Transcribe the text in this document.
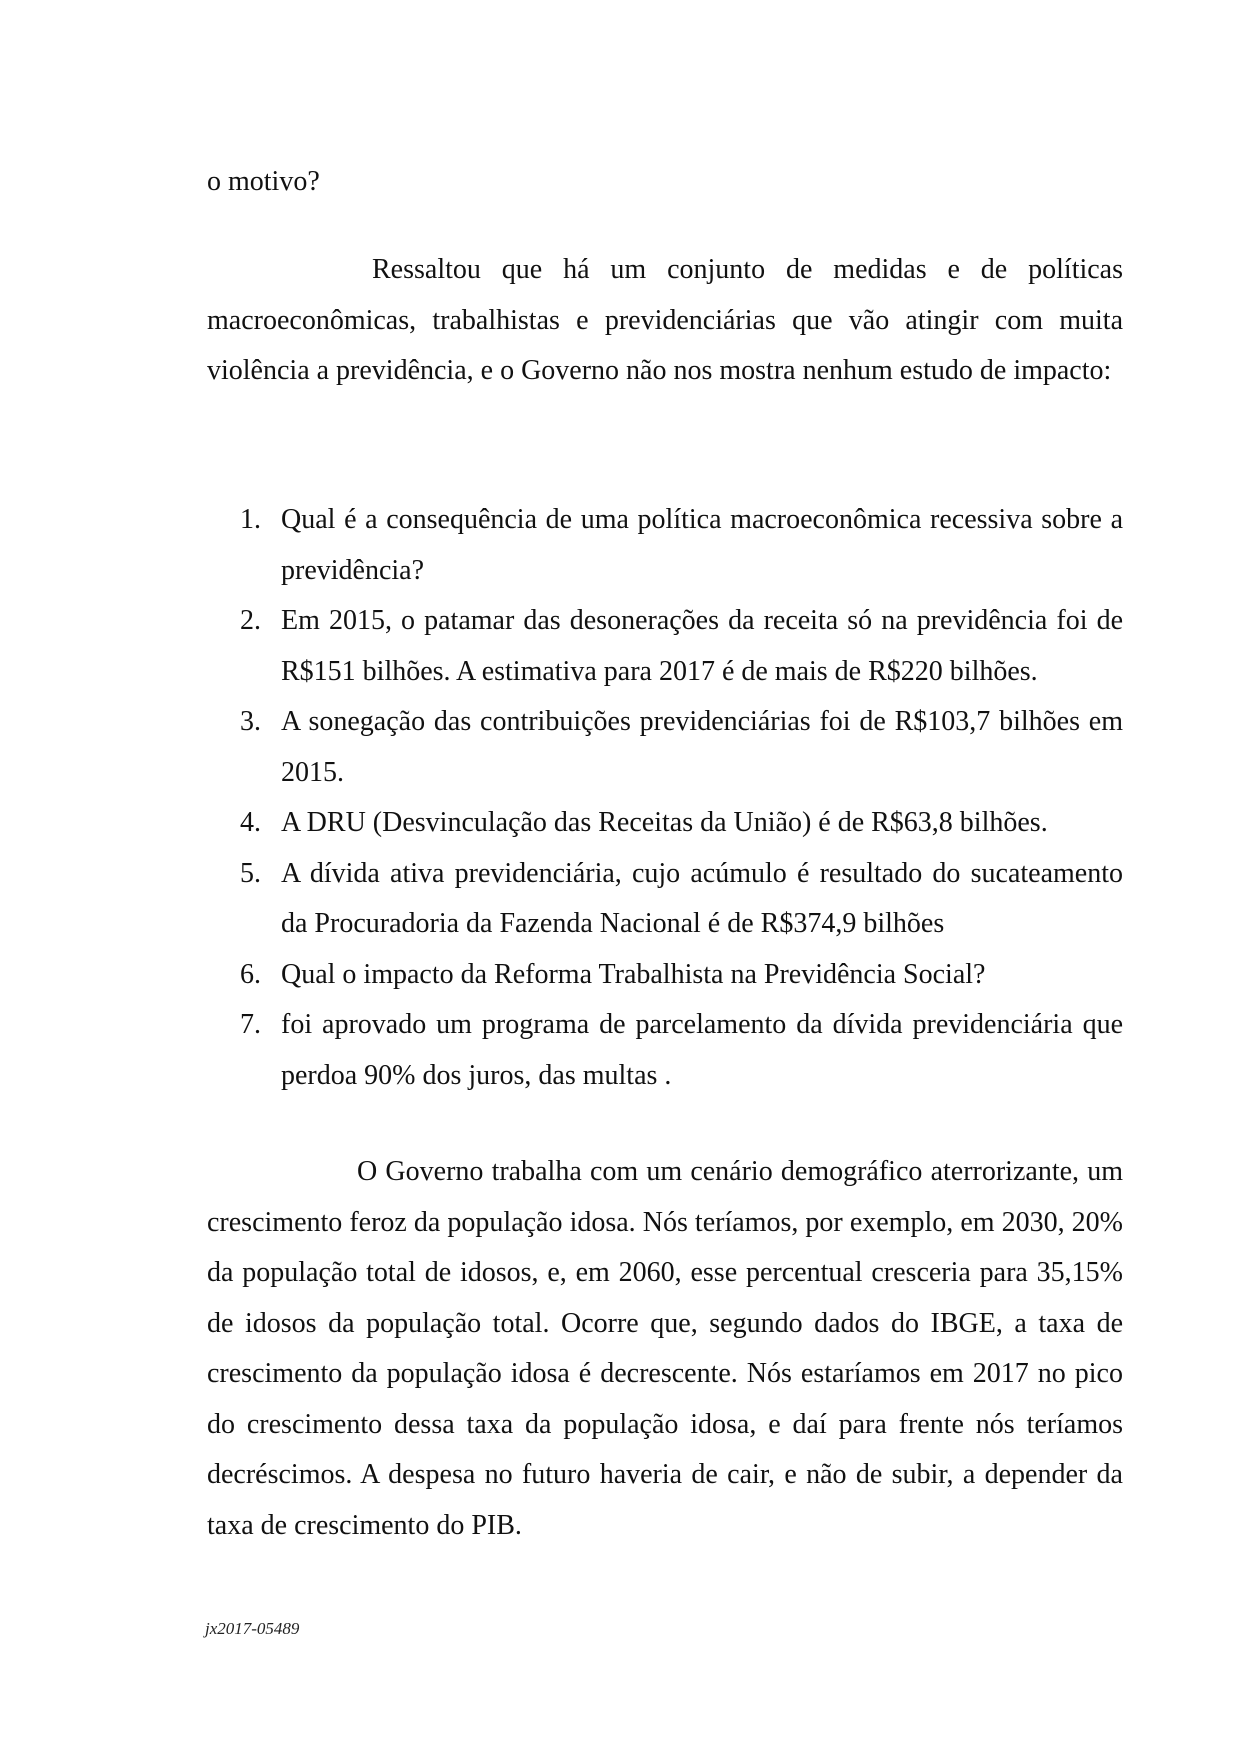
o motivo?

Ressaltou que há um conjunto de medidas e de políticas macroeconômicas, trabalhistas e previdenciárias que vão atingir com muita violência a previdência, e o Governo não nos mostra nenhum estudo de impacto:

1. Qual é a consequência de uma política macroeconômica recessiva sobre a previdência?
2. Em 2015, o patamar das desonerações da receita só na previdência foi de R$151 bilhões. A estimativa para 2017 é de mais de R$220 bilhões.
3. A sonegação das contribuições previdenciárias foi de R$103,7 bilhões em 2015.
4. A DRU (Desvinculação das Receitas da União) é de R$63,8 bilhões.
5. A dívida ativa previdenciária, cujo acúmulo é resultado do sucateamento da Procuradoria da Fazenda Nacional é de R$374,9 bilhões
6. Qual o impacto da Reforma Trabalhista na Previdência Social?
7. foi aprovado um programa de parcelamento da dívida previdenciária que perdoa 90% dos juros, das multas .

O Governo trabalha com um cenário demográfico aterrorizante, um crescimento feroz da população idosa. Nós teríamos, por exemplo, em 2030, 20% da população total de idosos, e, em 2060, esse percentual cresceria para 35,15% de idosos da população total. Ocorre que, segundo dados do IBGE, a taxa de crescimento da população idosa é decrescente. Nós estaríamos em 2017 no pico do crescimento dessa taxa da população idosa, e daí para frente nós teríamos decréscimos. A despesa no futuro haveria de cair, e não de subir, a depender da taxa de crescimento do PIB.

jx2017-05489
